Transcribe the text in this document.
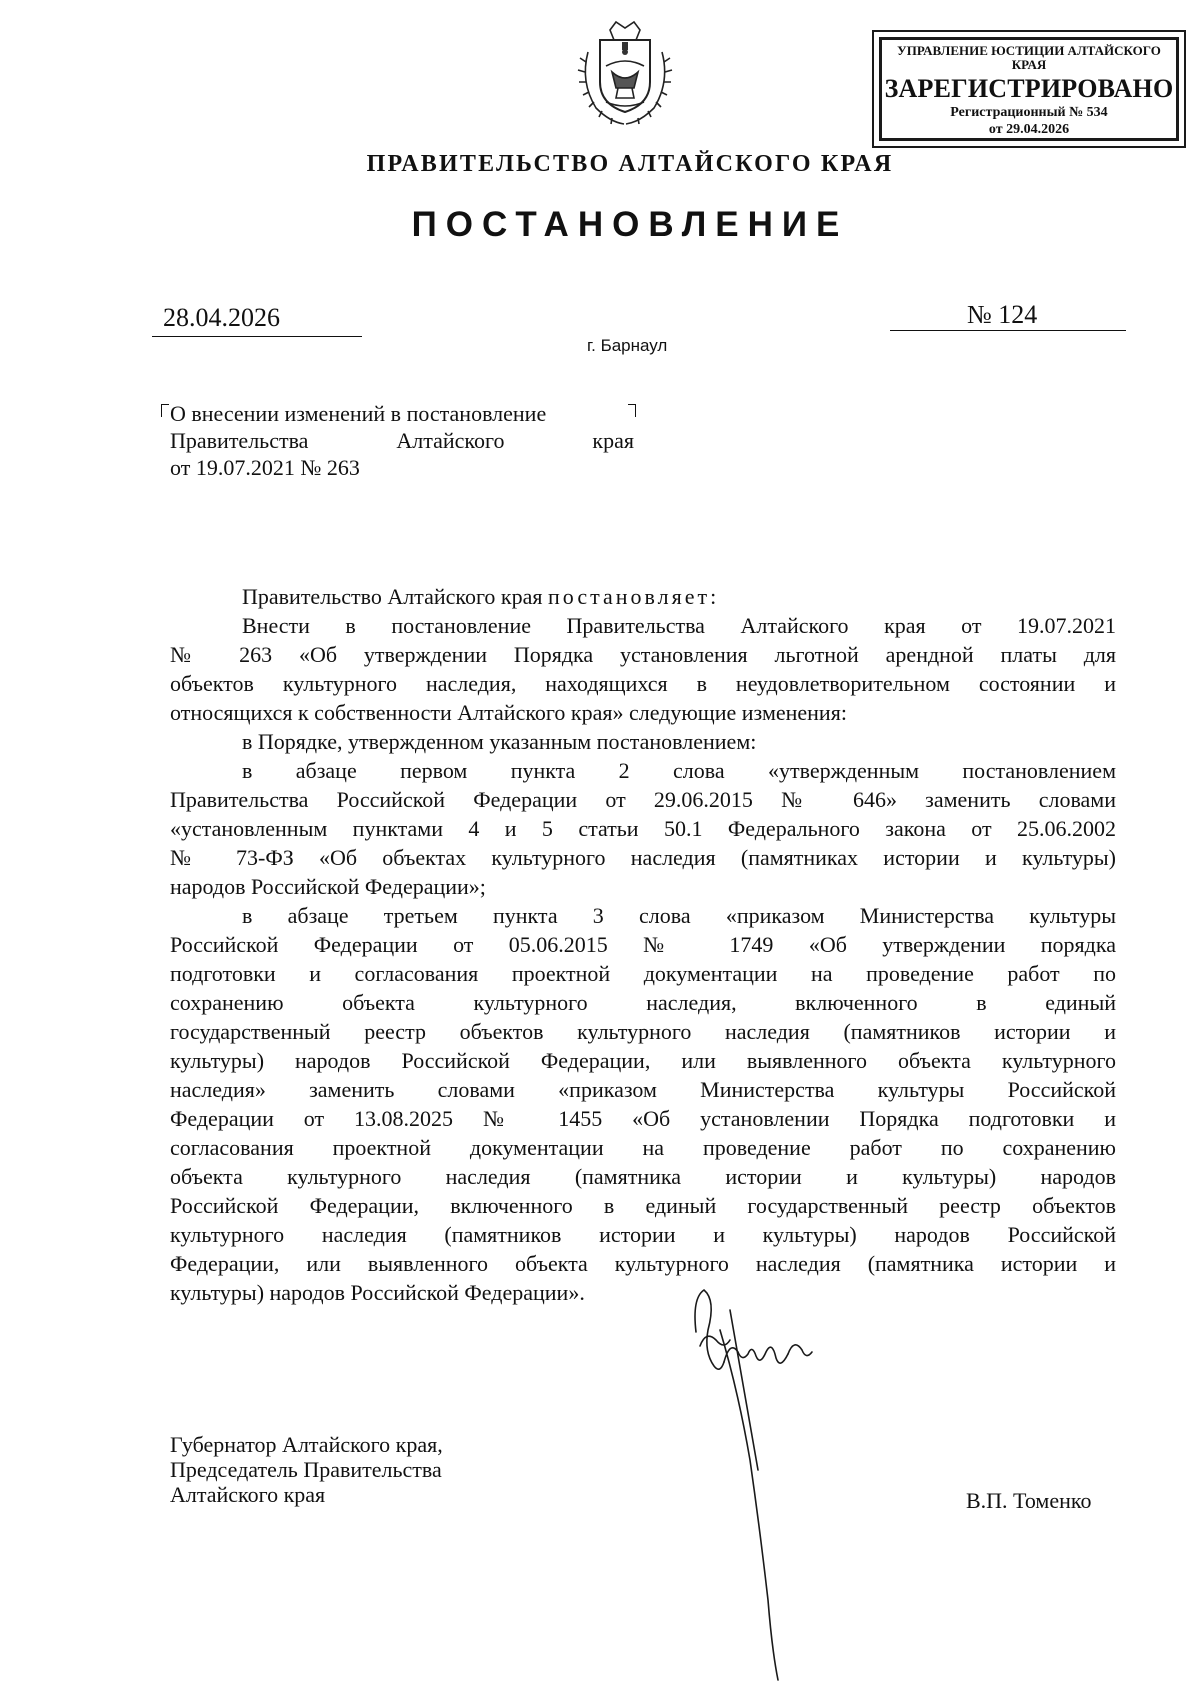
УПРАВЛЕНИЕ ЮСТИЦИИ АЛТАЙСКОГО КРАЯ
ЗАРЕГИСТРИРОВАНО
Регистрационный № 534
от 29.04.2026
ПРАВИТЕЛЬСТВО АЛТАЙСКОГО КРАЯ
ПОСТАНОВЛЕНИЕ
28.04.2026	№ 124
г. Барнаул
О внесении изменений в постановление
Правительства Алтайского края
от 19.07.2021 № 263
Правительство Алтайского края постановляет:
Внести в постановление Правительства Алтайского края от 19.07.2021
№ 263 «Об утверждении Порядка установления льготной арендной платы для
объектов культурного наследия, находящихся в неудовлетворительном состоянии и
относящихся к собственности Алтайского края» следующие изменения:
в Порядке, утвержденном указанным постановлением:
в абзаце первом пункта 2 слова «утвержденным постановлением
Правительства Российской Федерации от 29.06.2015 № 646» заменить словами
«установленным пунктами 4 и 5 статьи 50.1 Федерального закона от 25.06.2002
№ 73-ФЗ «Об объектах культурного наследия (памятниках истории и культуры)
народов Российской Федерации»;
в абзаце третьем пункта 3 слова «приказом Министерства культуры
Российской Федерации от 05.06.2015 № 1749 «Об утверждении порядка
подготовки и согласования проектной документации на проведение работ по
сохранению объекта культурного наследия, включенного в единый
государственный реестр объектов культурного наследия (памятников истории и
культуры) народов Российской Федерации, или выявленного объекта культурного
наследия» заменить словами «приказом Министерства культуры Российской
Федерации от 13.08.2025 № 1455 «Об установлении Порядка подготовки и
согласования проектной документации на проведение работ по сохранению
объекта культурного наследия (памятника истории и культуры) народов
Российской Федерации, включенного в единый государственный реестр объектов
культурного наследия (памятников истории и культуры) народов Российской
Федерации, или выявленного объекта культурного наследия (памятника истории и
культуры) народов Российской Федерации».
Губернатор Алтайского края,
Председатель Правительства
Алтайского края	В.П. Томенко
